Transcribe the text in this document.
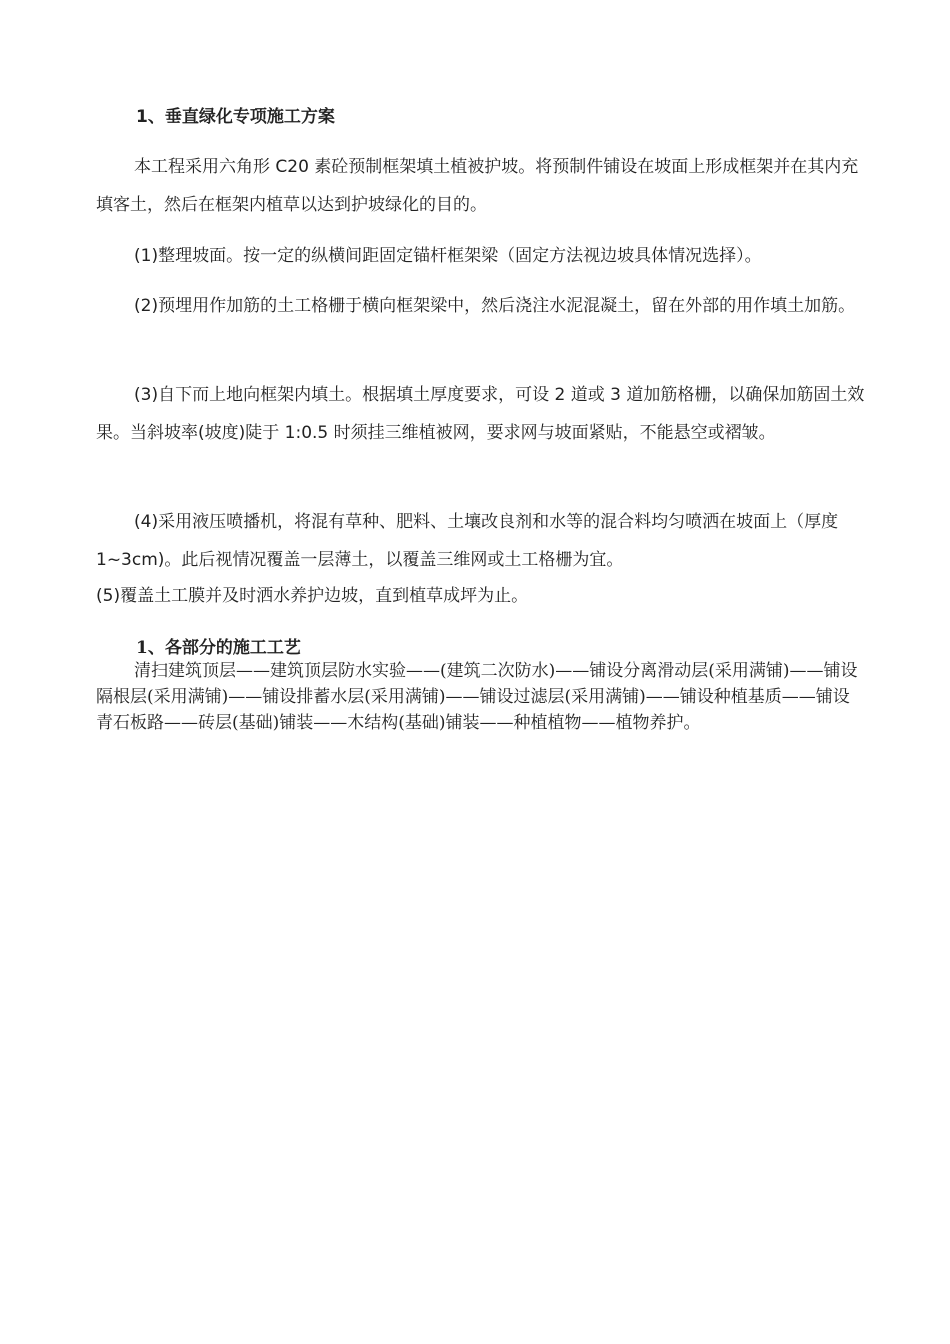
1、垂直绿化专项施工方案

本工程采用六角形 C20 素砼预制框架填土植被护坡。将预制件铺设在坡面上形成框架并在其内充填客土，然后在框架内植草以达到护坡绿化的目的。

(1)整理坡面。按一定的纵横间距固定锚杆框架梁（固定方法视边坡具体情况选择）。

(2)预埋用作加筋的土工格栅于横向框架梁中，然后浇注水泥混凝土，留在外部的用作填土加筋。

(3)自下而上地向框架内填土。根据填土厚度要求，可设 2 道或 3 道加筋格栅，以确保加筋固土效果。当斜坡率(坡度)陡于 1:0.5 时须挂三维植被网，要求网与坡面紧贴，不能悬空或褶皱。

(4)采用液压喷播机，将混有草种、肥料、土壤改良剂和水等的混合料均匀喷洒在坡面上（厚度 1~3cm)。此后视情况覆盖一层薄土，以覆盖三维网或土工格栅为宜。

(5)覆盖土工膜并及时洒水养护边坡，直到植草成坪为止。

1、各部分的施工工艺

清扫建筑顶层——建筑顶层防水实验——(建筑二次防水)——铺设分离滑动层(采用满铺)——铺设隔根层(采用满铺)——铺设排蓄水层(采用满铺)——铺设过滤层(采用满铺)——铺设种植基质——铺设青石板路——砖层(基础)铺装——木结构(基础)铺装——种植植物——植物养护。
